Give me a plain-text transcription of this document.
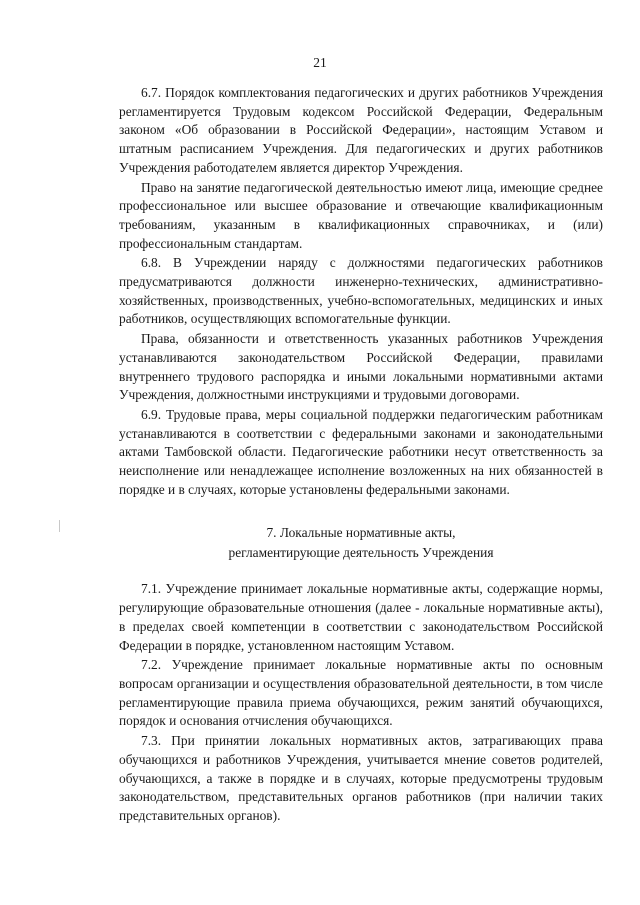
21

6.7. Порядок комплектования педагогических и других работников Учреждения регламентируется Трудовым кодексом Российской Федерации, Федеральным законом «Об образовании в Российской Федерации», настоящим Уставом и штатным расписанием Учреждения. Для педагогических и других работников Учреждения работодателем является директор Учреждения.

Право на занятие педагогической деятельностью имеют лица, имеющие среднее профессиональное или высшее образование и отвечающие квалификационным требованиям, указанным в квалификационных справочниках, и (или) профессиональным стандартам.

6.8. В Учреждении наряду с должностями педагогических работников предусматриваются должности инженерно-технических, административно-хозяйственных, производственных, учебно-вспомогательных, медицинских и иных работников, осуществляющих вспомогательные функции.

Права, обязанности и ответственность указанных работников Учреждения устанавливаются законодательством Российской Федерации, правилами внутреннего трудового распорядка и иными локальными нормативными актами Учреждения, должностными инструкциями и трудовыми договорами.

6.9. Трудовые права, меры социальной поддержки педагогическим работникам устанавливаются в соответствии с федеральными законами и законодательными актами Тамбовской области. Педагогические работники несут ответственность за неисполнение или ненадлежащее исполнение возложенных на них обязанностей в порядке и в случаях, которые установлены федеральными законами.

7. Локальные нормативные акты,
регламентирующие деятельность Учреждения

7.1. Учреждение принимает локальные нормативные акты, содержащие нормы, регулирующие образовательные отношения (далее - локальные нормативные акты), в пределах своей компетенции в соответствии с законодательством Российской Федерации в порядке, установленном настоящим Уставом.

7.2. Учреждение принимает локальные нормативные акты по основным вопросам организации и осуществления образовательной деятельности, в том числе регламентирующие правила приема обучающихся, режим занятий обучающихся, порядок и основания отчисления обучающихся.

7.3. При принятии локальных нормативных актов, затрагивающих права обучающихся и работников Учреждения, учитывается мнение советов родителей, обучающихся, а также в порядке и в случаях, которые предусмотрены трудовым законодательством, представительных органов работников (при наличии таких представительных органов).
